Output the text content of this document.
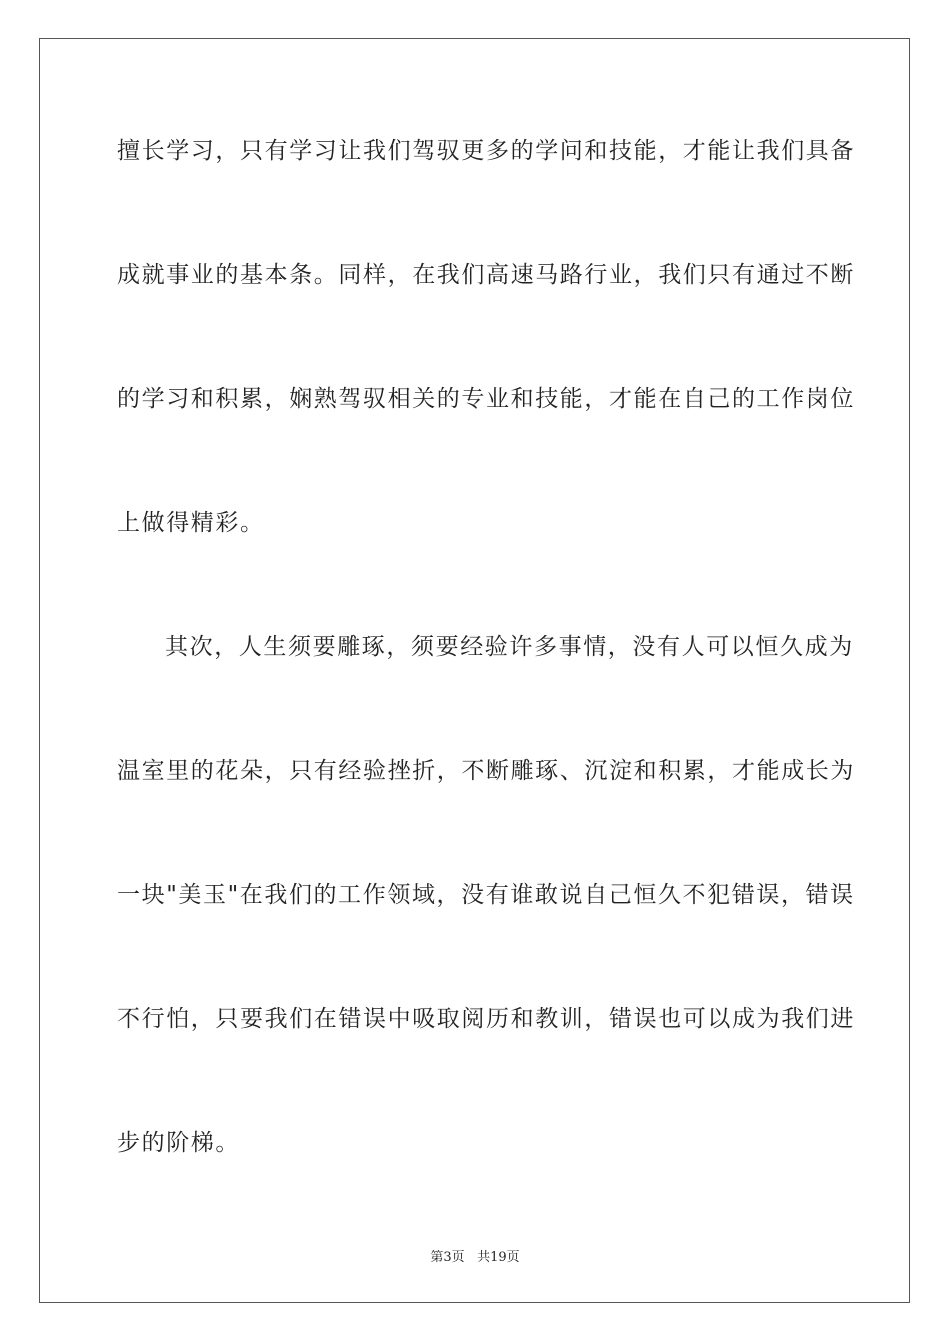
擅长学习，只有学习让我们驾驭更多的学问和技能，才能让我们具备
成就事业的基本条。同样，在我们高速马路行业，我们只有通过不断
的学习和积累，娴熟驾驭相关的专业和技能，才能在自己的工作岗位
上做得精彩。
其次，人生须要雕琢，须要经验许多事情，没有人可以恒久成为
温室里的花朵，只有经验挫折，不断雕琢、沉淀和积累，才能成长为
一块"美玉"在我们的工作领域，没有谁敢说自己恒久不犯错误，错误
不行怕，只要我们在错误中吸取阅历和教训，错误也可以成为我们进
步的阶梯。
第3页 共19页
